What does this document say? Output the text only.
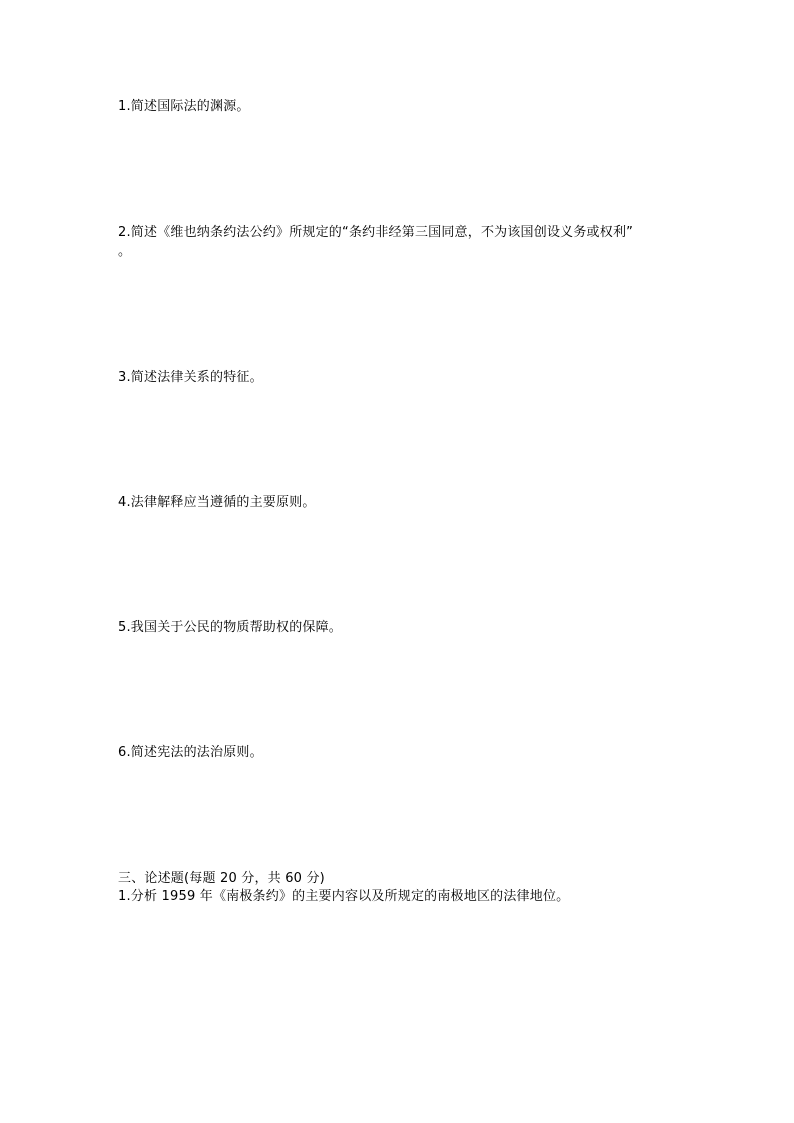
1.简述国际法的渊源。
2.简述《维也纳条约法公约》所规定的“条约非经第三国同意，不为该国创设义务或权利”
。
3.简述法律关系的特征。
4.法律解释应当遵循的主要原则。
5.我国关于公民的物质帮助权的保障。
6.简述宪法的法治原则。
三、论述题(每题 20 分，共 60 分)
1.分析 1959 年《南极条约》的主要内容以及所规定的南极地区的法律地位。
